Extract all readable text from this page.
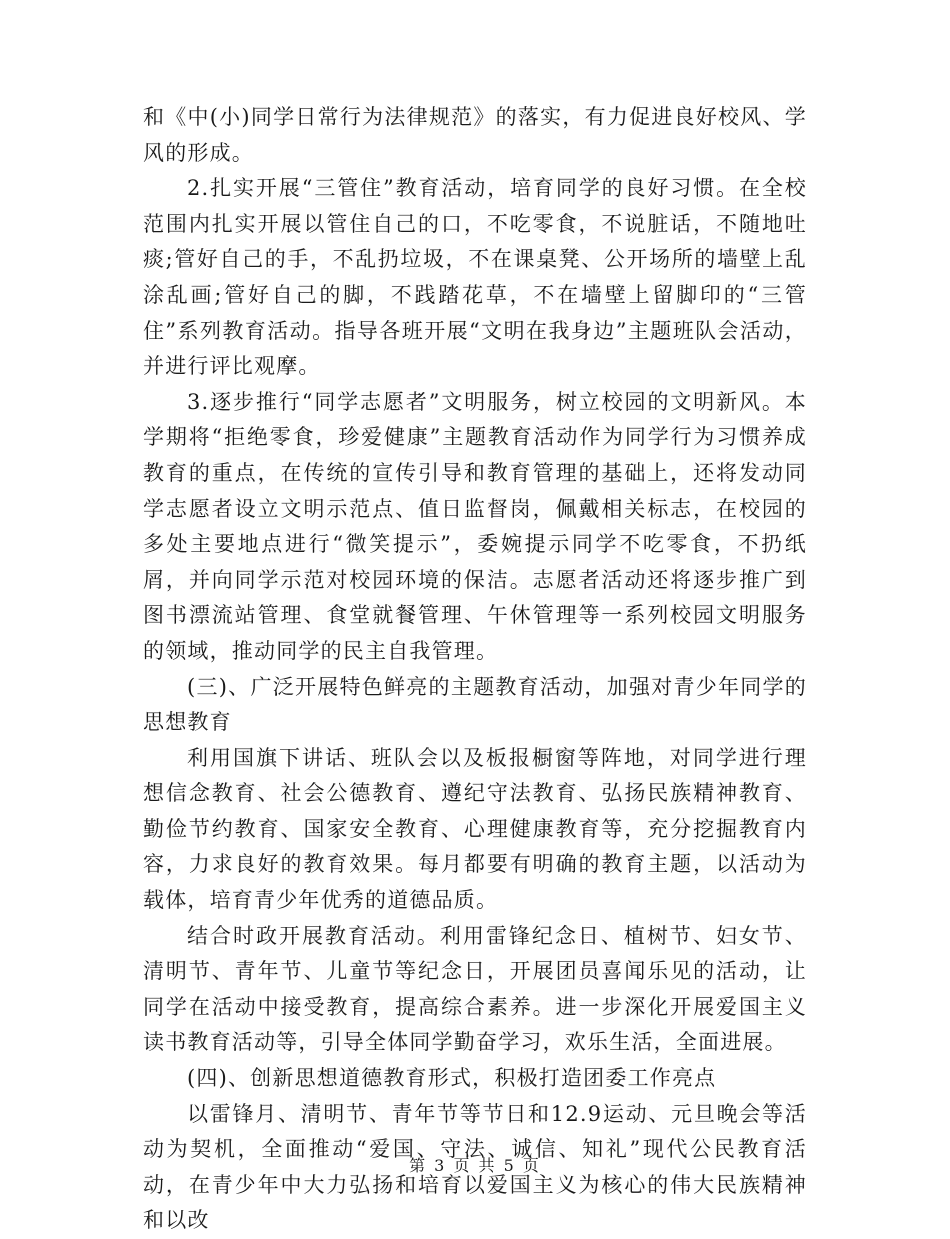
和《中(小)同学日常行为法律规范》的落实，有力促进良好校风、学风的形成。

2.扎实开展“三管住”教育活动，培育同学的良好习惯。在全校范围内扎实开展以管住自己的口，不吃零食，不说脏话，不随地吐痰;管好自己的手，不乱扔垃圾，不在课桌凳、公开场所的墙壁上乱涂乱画;管好自己的脚，不践踏花草，不在墙壁上留脚印的“三管住”系列教育活动。指导各班开展“文明在我身边”主题班队会活动，并进行评比观摩。

3.逐步推行“同学志愿者”文明服务，树立校园的文明新风。本学期将“拒绝零食，珍爱健康”主题教育活动作为同学行为习惯养成教育的重点，在传统的宣传引导和教育管理的基础上，还将发动同学志愿者设立文明示范点、值日监督岗，佩戴相关标志，在校园的多处主要地点进行“微笑提示”，委婉提示同学不吃零食，不扔纸屑，并向同学示范对校园环境的保洁。志愿者活动还将逐步推广到图书漂流站管理、食堂就餐管理、午休管理等一系列校园文明服务的领域，推动同学的民主自我管理。

(三)、广泛开展特色鲜亮的主题教育活动，加强对青少年同学的思想教育

利用国旗下讲话、班队会以及板报橱窗等阵地，对同学进行理想信念教育、社会公德教育、遵纪守法教育、弘扬民族精神教育、勤俭节约教育、国家安全教育、心理健康教育等，充分挖掘教育内容，力求良好的教育效果。每月都要有明确的教育主题，以活动为载体，培育青少年优秀的道德品质。

结合时政开展教育活动。利用雷锋纪念日、植树节、妇女节、清明节、青年节、儿童节等纪念日，开展团员喜闻乐见的活动，让同学在活动中接受教育，提高综合素养。进一步深化开展爱国主义读书教育活动等，引导全体同学勤奋学习，欢乐生活，全面进展。

(四)、创新思想道德教育形式，积极打造团委工作亮点

以雷锋月、清明节、青年节等节日和12.9运动、元旦晚会等活动为契机，全面推动“爱国、守法、诚信、知礼”现代公民教育活动，在青少年中大力弘扬和培育以爱国主义为核心的伟大民族精神和以改

第 3 页 共 5 页
